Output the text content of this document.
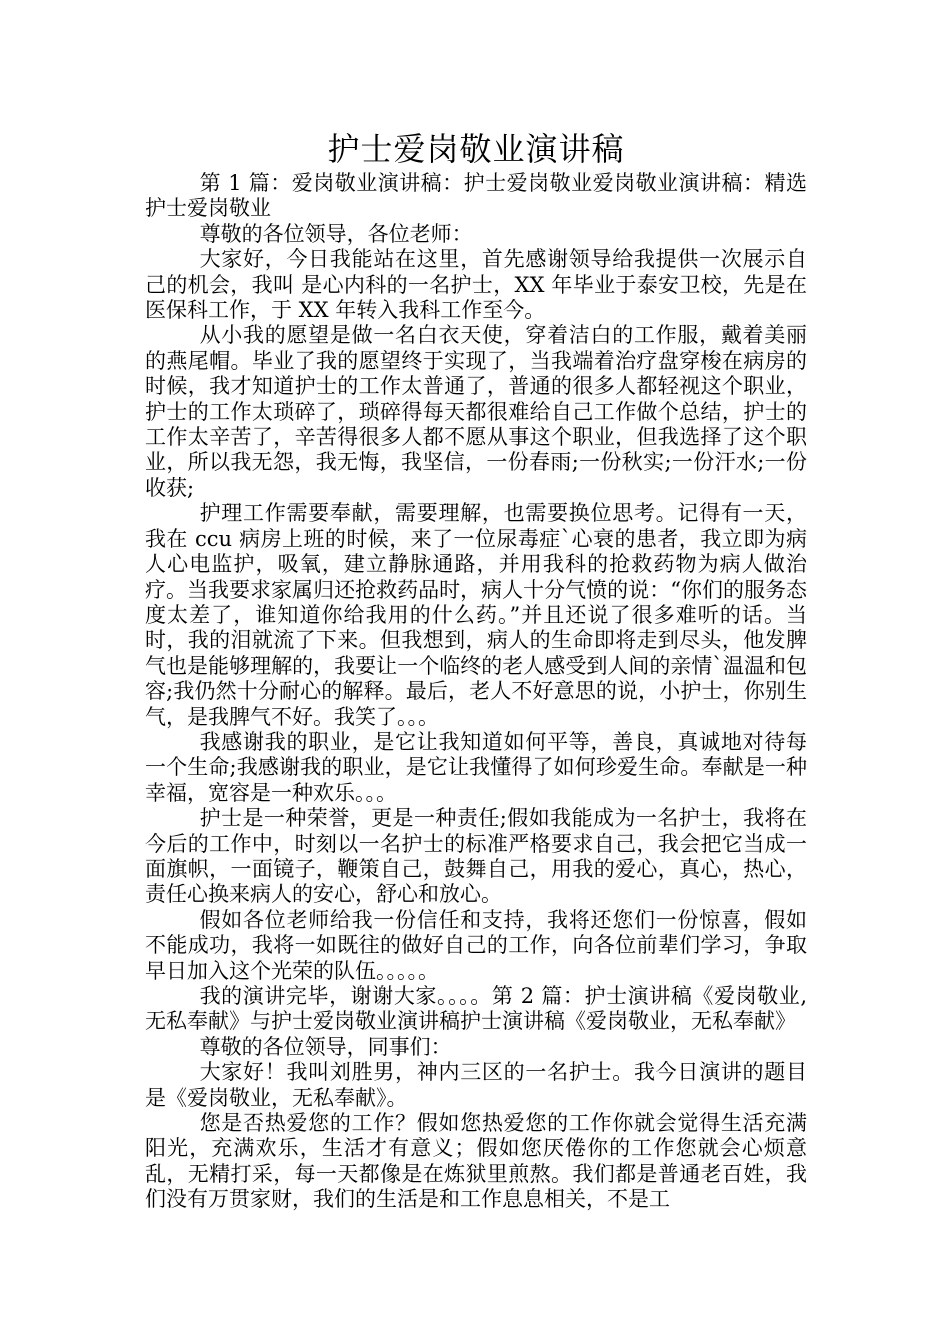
护士爱岗敬业演讲稿

第 1 篇：爱岗敬业演讲稿：护士爱岗敬业爱岗敬业演讲稿：精选护士爱岗敬业

尊敬的各位领导，各位老师：

大家好，今日我能站在这里，首先感谢领导给我提供一次展示自己的机会，我叫 是心内科的一名护士，XX 年毕业于泰安卫校，先是在医保科工作，于 XX 年转入我科工作至今。

从小我的愿望是做一名白衣天使，穿着洁白的工作服，戴着美丽的燕尾帽。毕业了我的愿望终于实现了，当我端着治疗盘穿梭在病房的时候，我才知道护士的工作太普通了，普通的很多人都轻视这个职业，护士的工作太琐碎了，琐碎得每天都很难给自己工作做个总结，护士的工作太辛苦了，辛苦得很多人都不愿从事这个职业，但我选择了这个职业，所以我无怨，我无悔，我坚信，一份春雨;一份秋实;一份汗水;一份收获;

护理工作需要奉献，需要理解，也需要换位思考。记得有一天，我在 ccu 病房上班的时候，来了一位尿毒症`心衰的患者，我立即为病人心电监护，吸氧，建立静脉通路，并用我科的抢救药物为病人做治疗。当我要求家属归还抢救药品时，病人十分气愤的说：“你们的服务态度太差了，谁知道你给我用的什么药。”并且还说了很多难听的话。当时，我的泪就流了下来。但我想到，病人的生命即将走到尽头，他发脾气也是能够理解的，我要让一个临终的老人感受到人间的亲情`温温和包容;我仍然十分耐心的解释。最后，老人不好意思的说，小护士，你别生气，是我脾气不好。我笑了。。。

我感谢我的职业，是它让我知道如何平等，善良，真诚地对待每一个生命;我感谢我的职业，是它让我懂得了如何珍爱生命。奉献是一种幸福，宽容是一种欢乐。。。

护士是一种荣誉，更是一种责任;假如我能成为一名护士，我将在今后的工作中，时刻以一名护士的标准严格要求自己，我会把它当成一面旗帜，一面镜子，鞭策自己，鼓舞自己，用我的爱心，真心，热心，责任心换来病人的安心，舒心和放心。

假如各位老师给我一份信任和支持，我将还您们一份惊喜，假如不能成功，我将一如既往的做好自己的工作，向各位前辈们学习，争取早日加入这个光荣的队伍。。。。。

我的演讲完毕，谢谢大家。。。。第 2 篇：护士演讲稿《爱岗敬业,无私奉献》与护士爱岗敬业演讲稿护士演讲稿《爱岗敬业，无私奉献》

尊敬的各位领导，同事们：

大家好！我叫刘胜男，神内三区的一名护士。我今日演讲的题目是《爱岗敬业，无私奉献》。

您是否热爱您的工作？假如您热爱您的工作你就会觉得生活充满阳光，充满欢乐，生活才有意义；假如您厌倦你的工作您就会心烦意乱，无精打采，每一天都像是在炼狱里煎熬。我们都是普通老百姓，我们没有万贯家财，我们的生活是和工作息息相关，不是工
